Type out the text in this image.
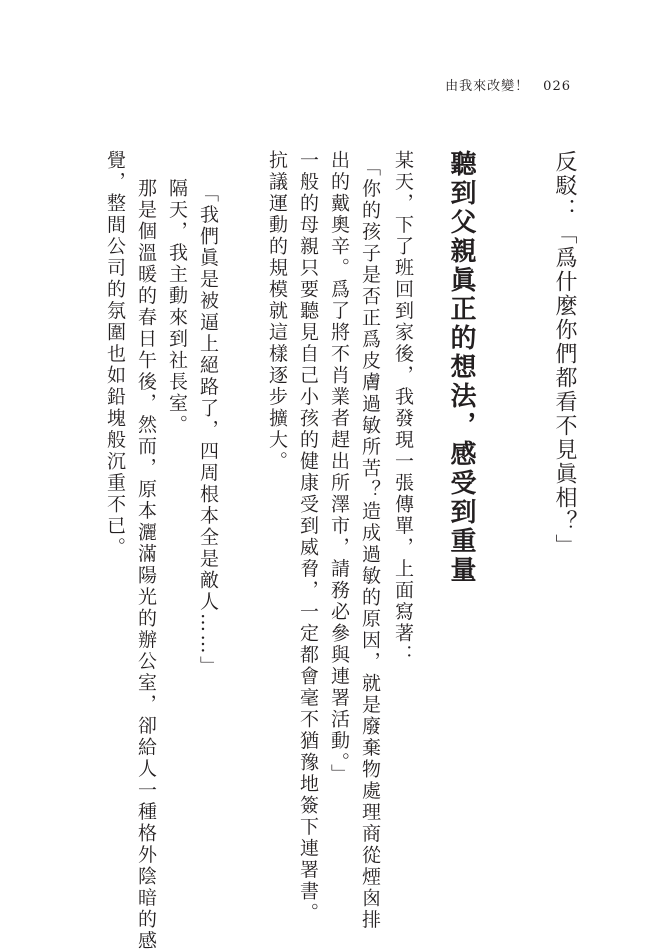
由我來改變！ 026
反駁：「爲什麼你們都看不見眞相？」
聽到父親眞正的想法，感受到重量
某天，下了班回到家後，我發現一張傳單，上面寫著：
「你的孩子是否正爲皮膚過敏所苦？造成過敏的原因，就是廢棄物處理商從煙囪排
出的戴奧辛。爲了將不肖業者趕出所澤市，請務必參與連署活動。」
一般的母親只要聽見自己小孩的健康受到威脅，一定都會毫不猶豫地簽下連署書。
抗議運動的規模就這樣逐步擴大。
「我們眞是被逼上絕路了，四周根本全是敵人……」
隔天，我主動來到社長室。
那是個溫暖的春日午後，然而，原本灑滿陽光的辦公室，卻給人一種格外陰暗的感
覺，整間公司的氛圍也如鉛塊般沉重不已。
